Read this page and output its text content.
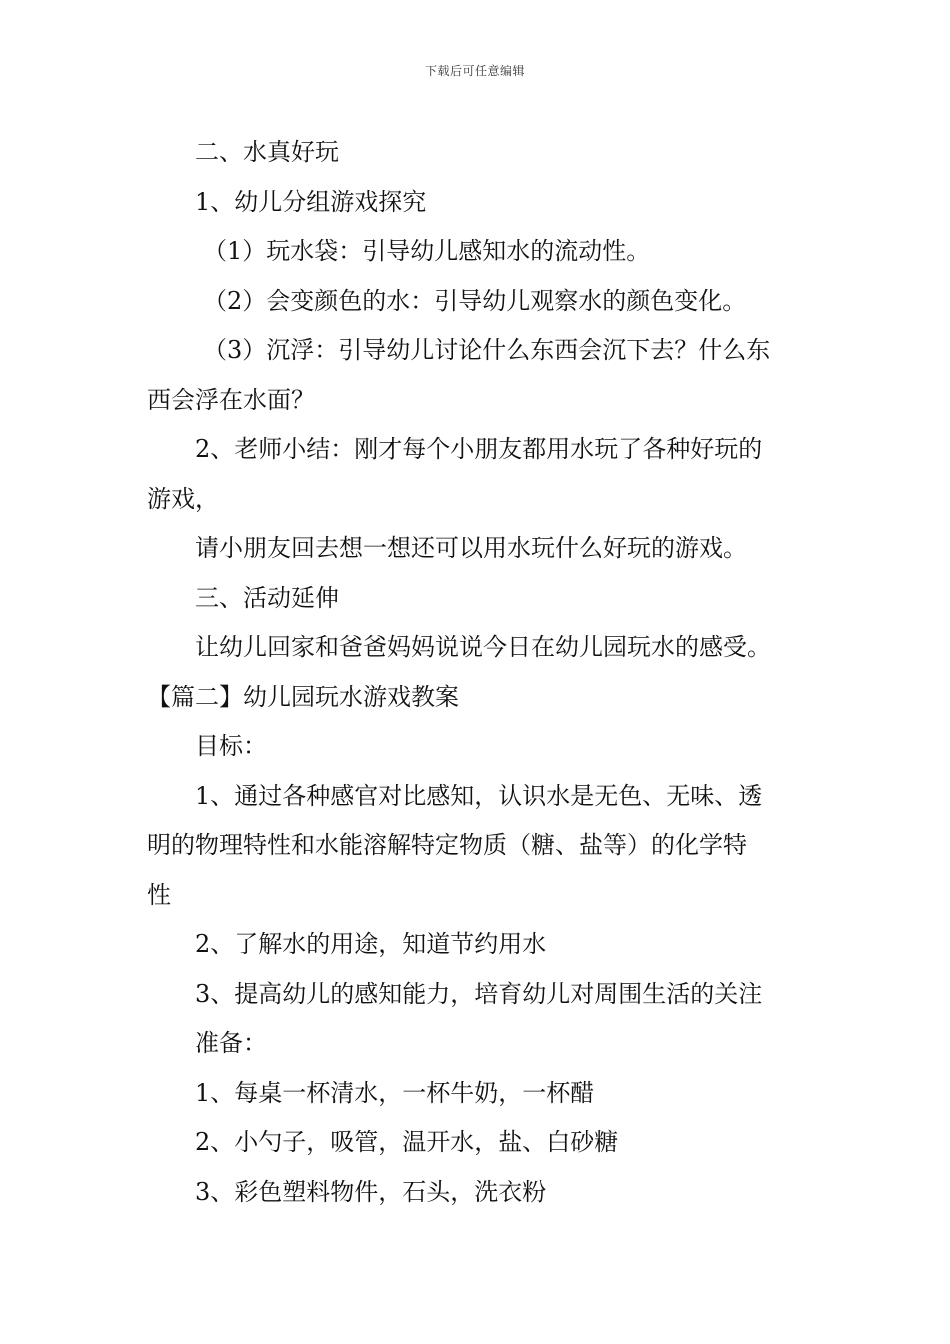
下载后可任意编辑

二、水真好玩

1、幼儿分组游戏探究

（1）玩水袋：引导幼儿感知水的流动性。

（2）会变颜色的水：引导幼儿观察水的颜色变化。

（3）沉浮：引导幼儿讨论什么东西会沉下去？什么东

西会浮在水面？

2、老师小结：刚才每个小朋友都用水玩了各种好玩的

游戏，

请小朋友回去想一想还可以用水玩什么好玩的游戏。

三、活动延伸

让幼儿回家和爸爸妈妈说说今日在幼儿园玩水的感受。

【篇二】幼儿园玩水游戏教案

目标：

1、通过各种感官对比感知，认识水是无色、无味、透

明的物理特性和水能溶解特定物质（糖、盐等）的化学特

性

2、了解水的用途，知道节约用水

3、提高幼儿的感知能力，培育幼儿对周围生活的关注

准备：

1、每桌一杯清水，一杯牛奶，一杯醋

2、小勺子，吸管，温开水，盐、白砂糖

3、彩色塑料物件，石头，洗衣粉
